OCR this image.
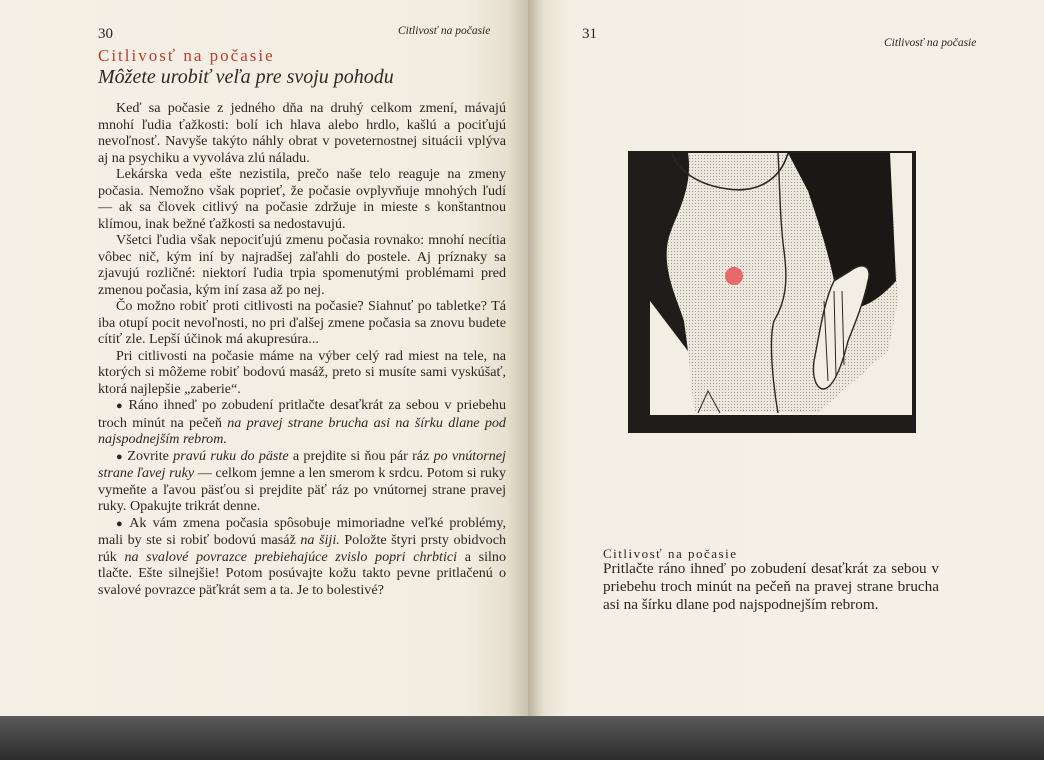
30	Citlivosť na počasie
Citlivosť na počasie
Môžete urobiť veľa pre svoju pohodu

Keď sa počasie z jedného dňa na druhý celkom zmení, mávajú mnohí ľudia ťažkosti: bolí ich hlava alebo hrdlo, kašlú a pociťujú nevoľnosť. Navyše takýto náhly obrat v poveternostnej situácii vplýva aj na psychiku a vyvoláva zlú náladu.

Lekárska veda ešte nezistila, prečo naše telo reaguje na zmeny počasia. Nemožno však poprieť, že počasie ovplyvňuje mnohých ľudí — ak sa človek citlivý na počasie zdržuje in mieste s konštantnou klímou, inak bežné ťažkosti sa nedostavujú.

Všetci ľudia však nepociťujú zmenu počasia rovnako: mnohí necítia vôbec nič, kým iní by najradšej zaľahli do postele. Aj príznaky sa zjavujú rozličné: niektorí ľudia trpia spomenutými problémami pred zmenou počasia, kým iní zasa až po nej.

Čo možno robiť proti citlivosti na počasie? Siahnuť po tabletke? Tá iba otupí pocit nevoľnosti, no pri ďalšej zmene počasia sa znovu budete cítiť zle. Lepší účinok má akupresúra...

Pri citlivosti na počasie máme na výber celý rad miest na tele, na ktorých si môžeme robiť bodovú masáž, preto si musíte sami vyskúšať, ktorá najlepšie „zaberie“.

● Ráno ihneď po zobudení pritlačte desaťkrát za sebou v priebehu troch minút na pečeň na pravej strane brucha asi na šírku dlane pod najspodnejším rebrom.

● Zovrite pravú ruku do päste a prejdite si ňou pár ráz po vnútornej strane ľavej ruky — celkom jemne a len smerom k srdcu. Potom si ruky vymeňte a ľavou päsťou si prejdite päť ráz po vnútornej strane pravej ruky. Opakujte trikrát denne.

● Ak vám zmena počasia spôsobuje mimoriadne veľké problémy, mali by ste si robiť bodovú masáž na šiji. Položte štyri prsty obidvoch rúk na svalové povrazce prebiehajúce zvislo popri chrbtici a silno tlačte. Ešte silnejšie! Potom posúvajte kožu takto pevne pritlačenú o svalové povrazce päťkrát sem a ta. Je to bolestivé?

31
Citlivosť na počasie
Citlivosť na počasie
Pritlačte ráno ihneď po zobudení desaťkrát za sebou v priebehu troch minút na pečeň na pravej strane brucha asi na šírku dlane pod najspodnejším rebrom.
